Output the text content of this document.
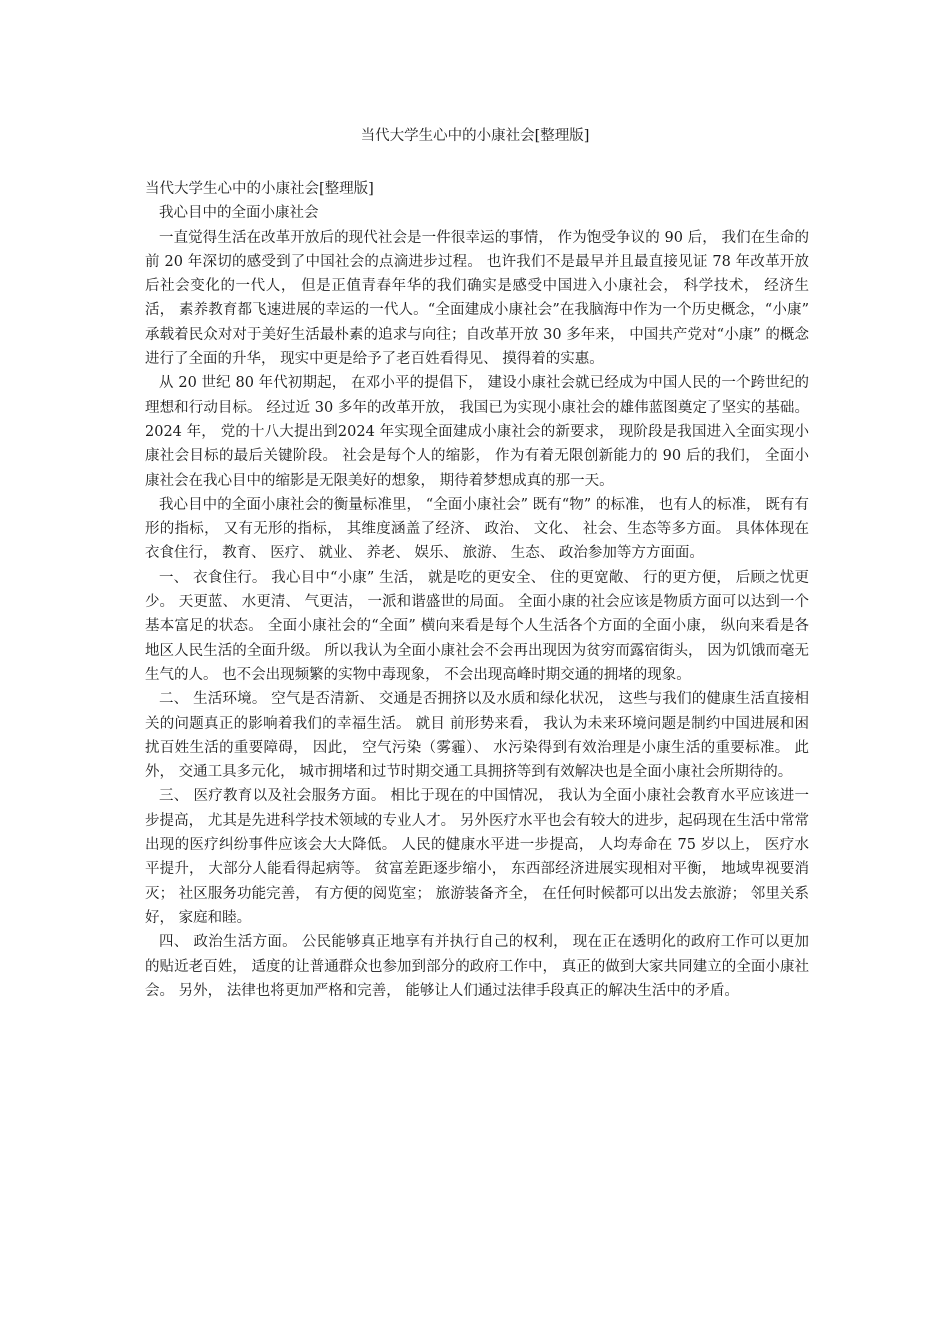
当代大学生心中的小康社会[整理版]

当代大学生心中的小康社会[整理版]

我心目中的全面小康社会

一直觉得生活在改革开放后的现代社会是一件很幸运的事情， 作为饱受争议的 90 后， 我们在生命的前 20 年深切的感受到了中国社会的点滴进步过程。 也许我们不是最早并且最直接见证 78 年改革开放后社会变化的一代人， 但是正值青春年华的我们确实是感受中国进入小康社会， 科学技术， 经济生活， 素养教育都飞速进展的幸运的一代人。“全面建成小康社会”在我脑海中作为一个历史概念，“小康” 承载着民众对对于美好生活最朴素的追求与向往；自改革开放 30 多年来， 中国共产党对“小康” 的概念进行了全面的升华， 现实中更是给予了老百姓看得见、 摸得着的实惠。

从 20 世纪 80 年代初期起， 在邓小平的提倡下， 建设小康社会就已经成为中国人民的一个跨世纪的理想和行动目标。 经过近 30 多年的改革开放， 我国已为实现小康社会的雄伟蓝图奠定了坚实的基础。 2024 年， 党的十八大提出到2024 年实现全面建成小康社会的新要求， 现阶段是我国进入全面实现小康社会目标的最后关键阶段。 社会是每个人的缩影， 作为有着无限创新能力的 90 后的我们， 全面小康社会在我心目中的缩影是无限美好的想象， 期待着梦想成真的那一天。

我心目中的全面小康社会的衡量标准里， “全面小康社会” 既有“物” 的标准， 也有人的标准， 既有有形的指标， 又有无形的指标， 其维度涵盖了经济、 政治、 文化、 社会、生态等多方面。 具体体现在衣食住行， 教育、 医疗、 就业、 养老、 娱乐、 旅游、 生态、 政治参加等方方面面。

一、 衣食住行。 我心目中“小康” 生活， 就是吃的更安全、 住的更宽敞、 行的更方便， 后顾之忧更少。 天更蓝、 水更清、 气更洁， 一派和谐盛世的局面。 全面小康的社会应该是物质方面可以达到一个基本富足的状态。 全面小康社会的“全面” 横向来看是每个人生活各个方面的全面小康， 纵向来看是各地区人民生活的全面升级。 所以我认为全面小康社会不会再出现因为贫穷而露宿街头， 因为饥饿而毫无生气的人。 也不会出现频繁的实物中毒现象， 不会出现高峰时期交通的拥堵的现象。

二、 生活环境。 空气是否清新、 交通是否拥挤以及水质和绿化状况， 这些与我们的健康生活直接相关的问题真正的影响着我们的幸福生活。 就目 前形势来看， 我认为未来环境问题是制约中国进展和困扰百姓生活的重要障碍， 因此， 空气污染（雾霾）、 水污染得到有效治理是小康生活的重要标准。 此外， 交通工具多元化， 城市拥堵和过节时期交通工具拥挤等到有效解决也是全面小康社会所期待的。

三、 医疗教育以及社会服务方面。 相比于现在的中国情况， 我认为全面小康社会教育水平应该进一步提高， 尤其是先进科学技术领域的专业人才。 另外医疗水平也会有较大的进步，起码现在生活中常常出现的医疗纠纷事件应该会大大降低。 人民的健康水平进一步提高， 人均寿命在 75 岁以上， 医疗水平提升， 大部分人能看得起病等。 贫富差距逐步缩小， 东西部经济进展实现相对平衡， 地域卑视要消灭； 社区服务功能完善， 有方便的阅览室； 旅游装备齐全， 在任何时候都可以出发去旅游； 邻里关系好， 家庭和睦。

四、 政治生活方面。 公民能够真正地享有并执行自己的权利， 现在正在透明化的政府工作可以更加的贴近老百姓， 适度的让普通群众也参加到部分的政府工作中， 真正的做到大家共同建立的全面小康社会。 另外， 法律也将更加严格和完善， 能够让人们通过法律手段真正的解决生活中的矛盾。
